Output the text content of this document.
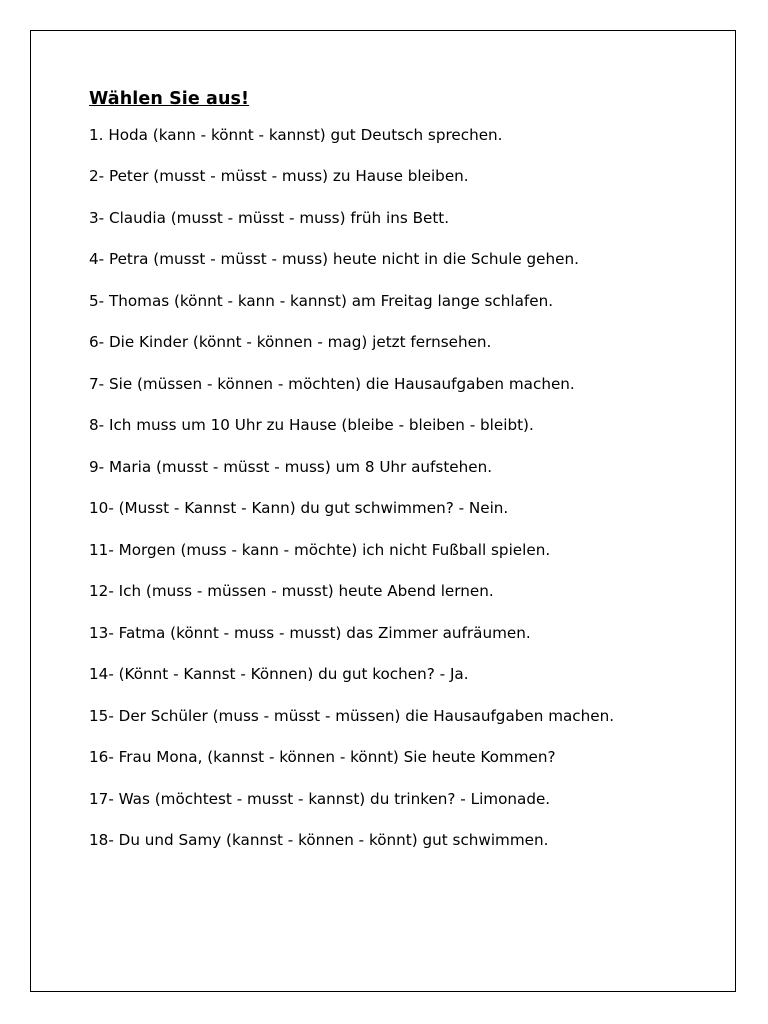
Wählen Sie aus!

1. Hoda (kann - könnt - kannst) gut Deutsch sprechen.

2- Peter (musst - müsst - muss) zu Hause bleiben.

3- Claudia (musst - müsst - muss) früh ins Bett.

4- Petra (musst - müsst - muss) heute nicht in die Schule gehen.

5- Thomas (könnt - kann - kannst) am Freitag lange schlafen.

6- Die Kinder (könnt - können - mag) jetzt fernsehen.

7- Sie (müssen - können - möchten) die Hausaufgaben machen.

8- Ich muss um 10 Uhr zu Hause (bleibe - bleiben - bleibt).

9- Maria (musst - müsst - muss) um 8 Uhr aufstehen.

10- (Musst - Kannst - Kann) du gut schwimmen? - Nein.

11- Morgen (muss - kann - möchte) ich nicht Fußball spielen.

12- Ich (muss - müssen - musst) heute Abend lernen.

13- Fatma (könnt - muss - musst) das Zimmer aufräumen.

14- (Könnt - Kannst - Können) du gut kochen? - Ja.

15- Der Schüler (muss - müsst - müssen) die Hausaufgaben machen.

16- Frau Mona, (kannst - können - könnt) Sie heute Kommen?

17- Was (möchtest - musst - kannst) du trinken? - Limonade.

18- Du und Samy (kannst - können - könnt) gut schwimmen.
